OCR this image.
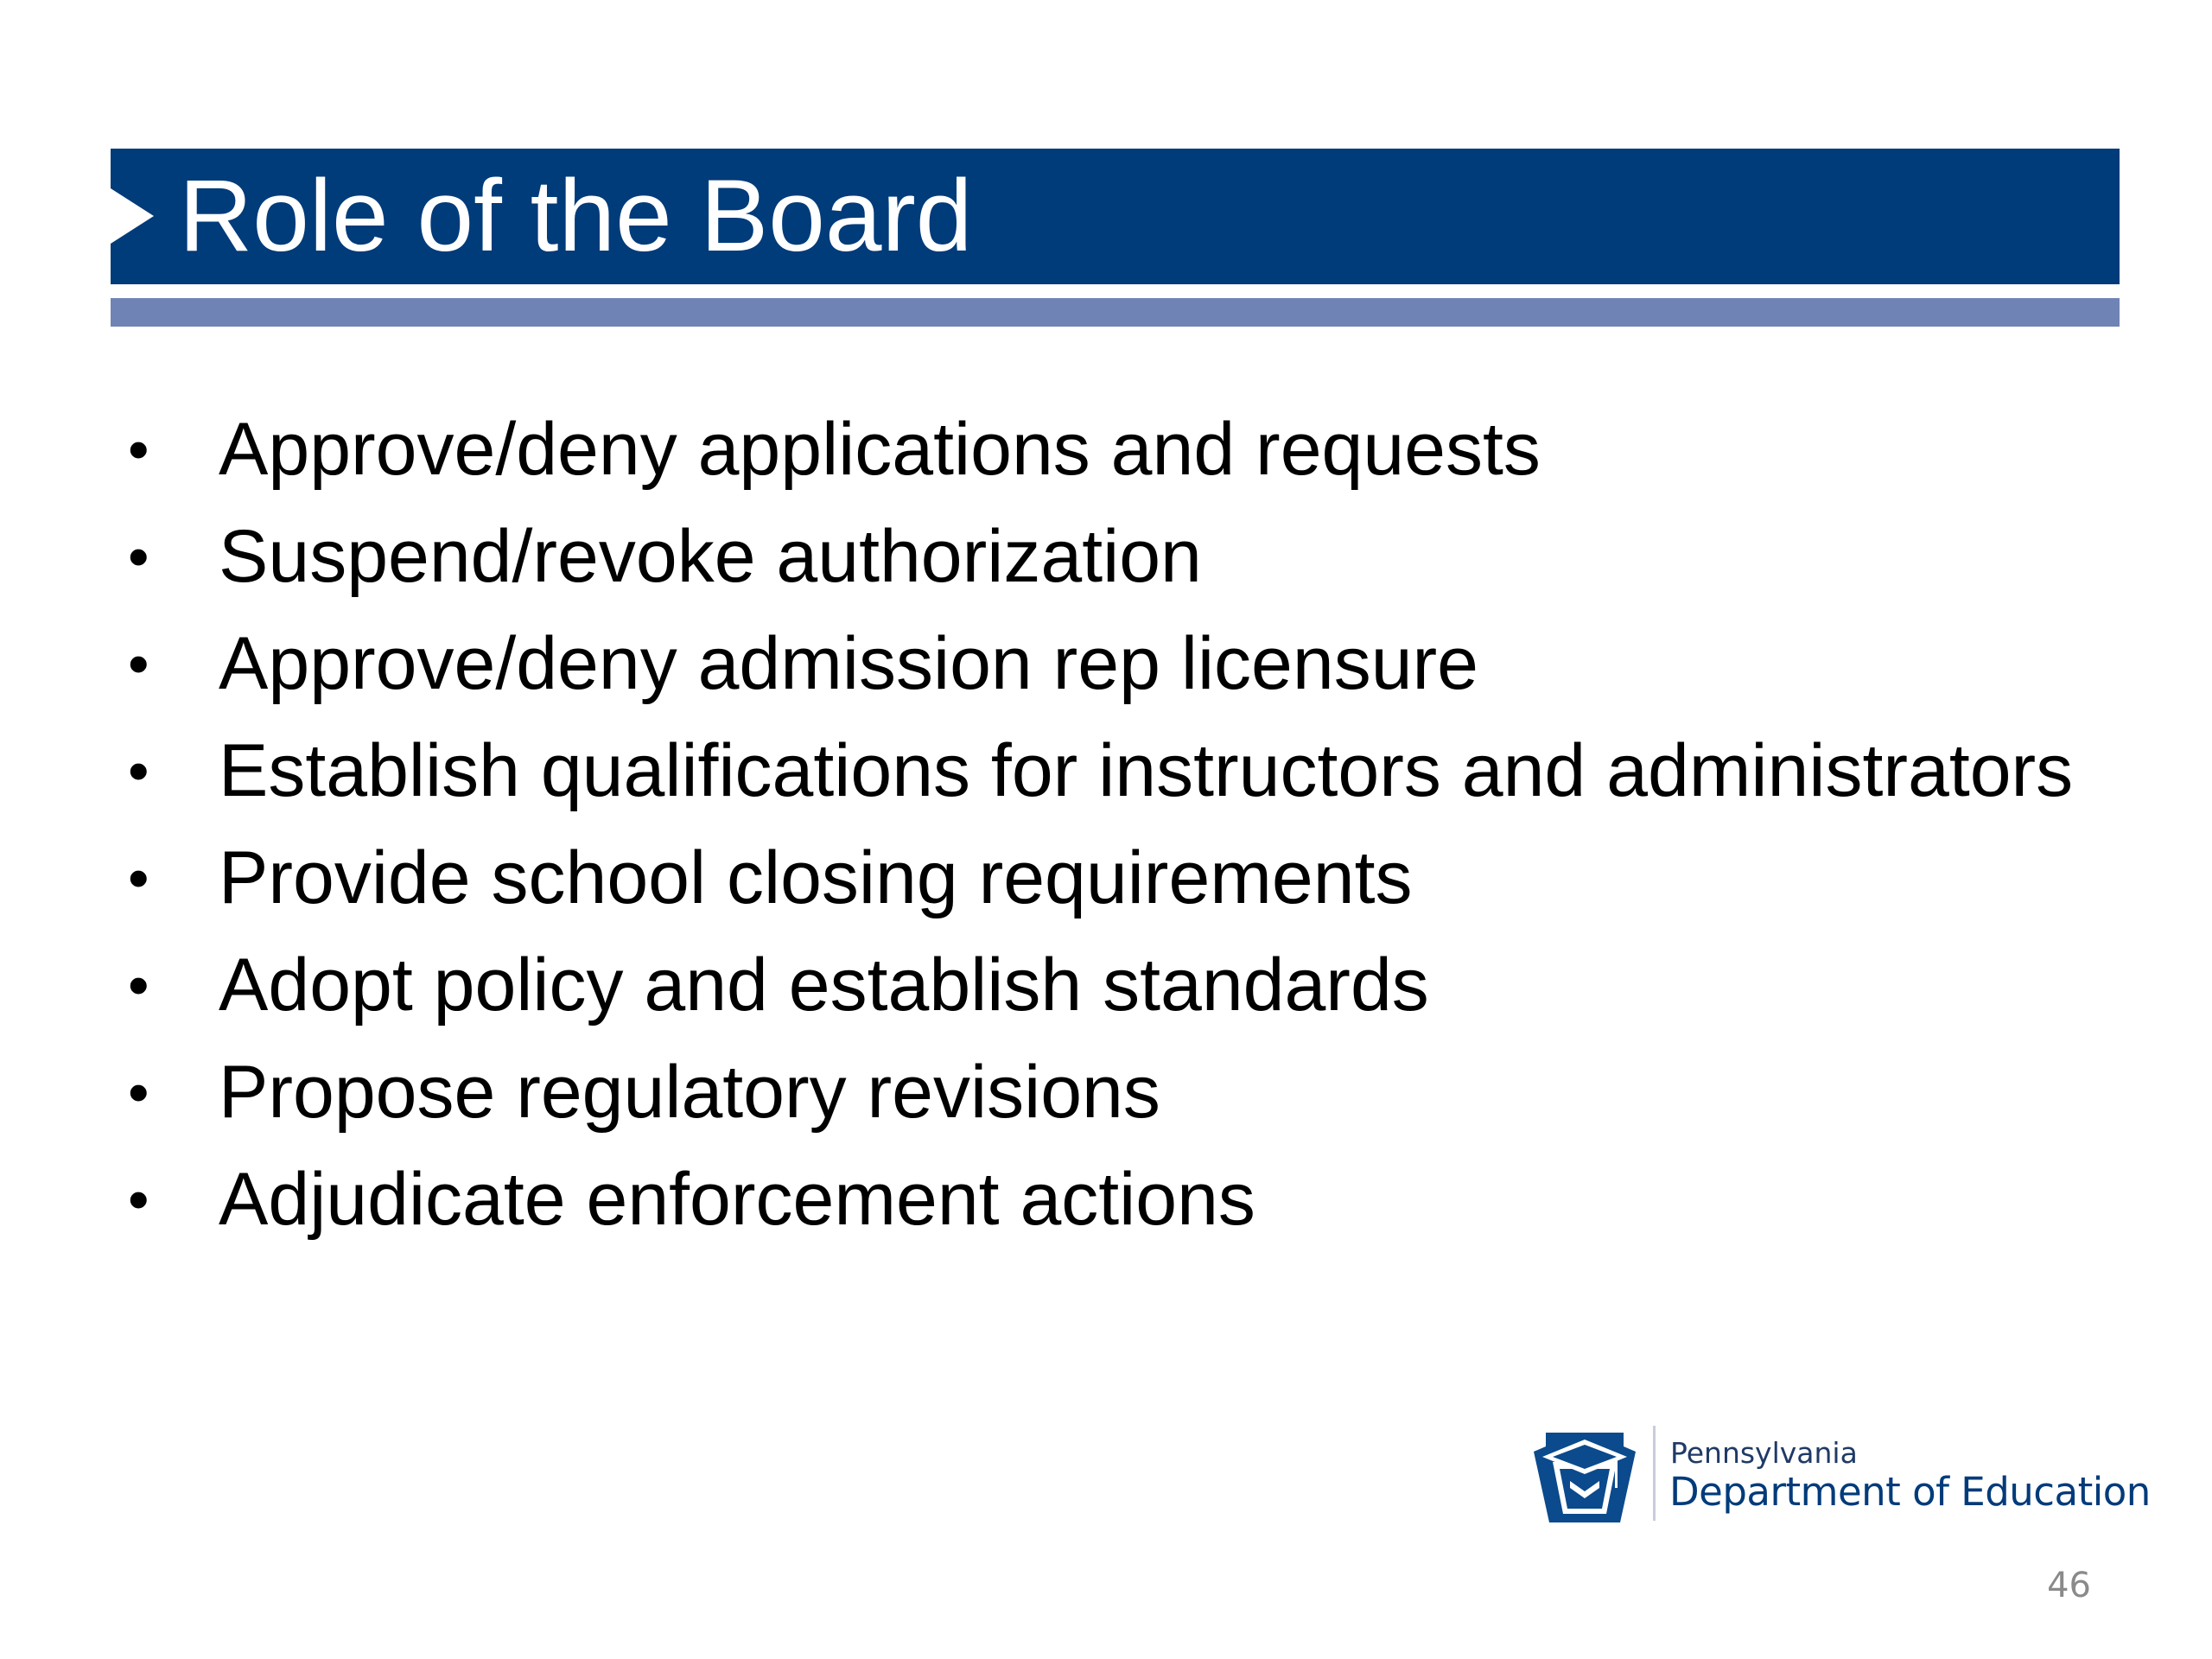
Role of the Board
• Approve/deny applications and requests
• Suspend/revoke authorization
• Approve/deny admission rep licensure
• Establish qualifications for instructors and administrators
• Provide school closing requirements
• Adopt policy and establish standards
• Propose regulatory revisions
• Adjudicate enforcement actions
Pennsylvania
Department of Education
46
